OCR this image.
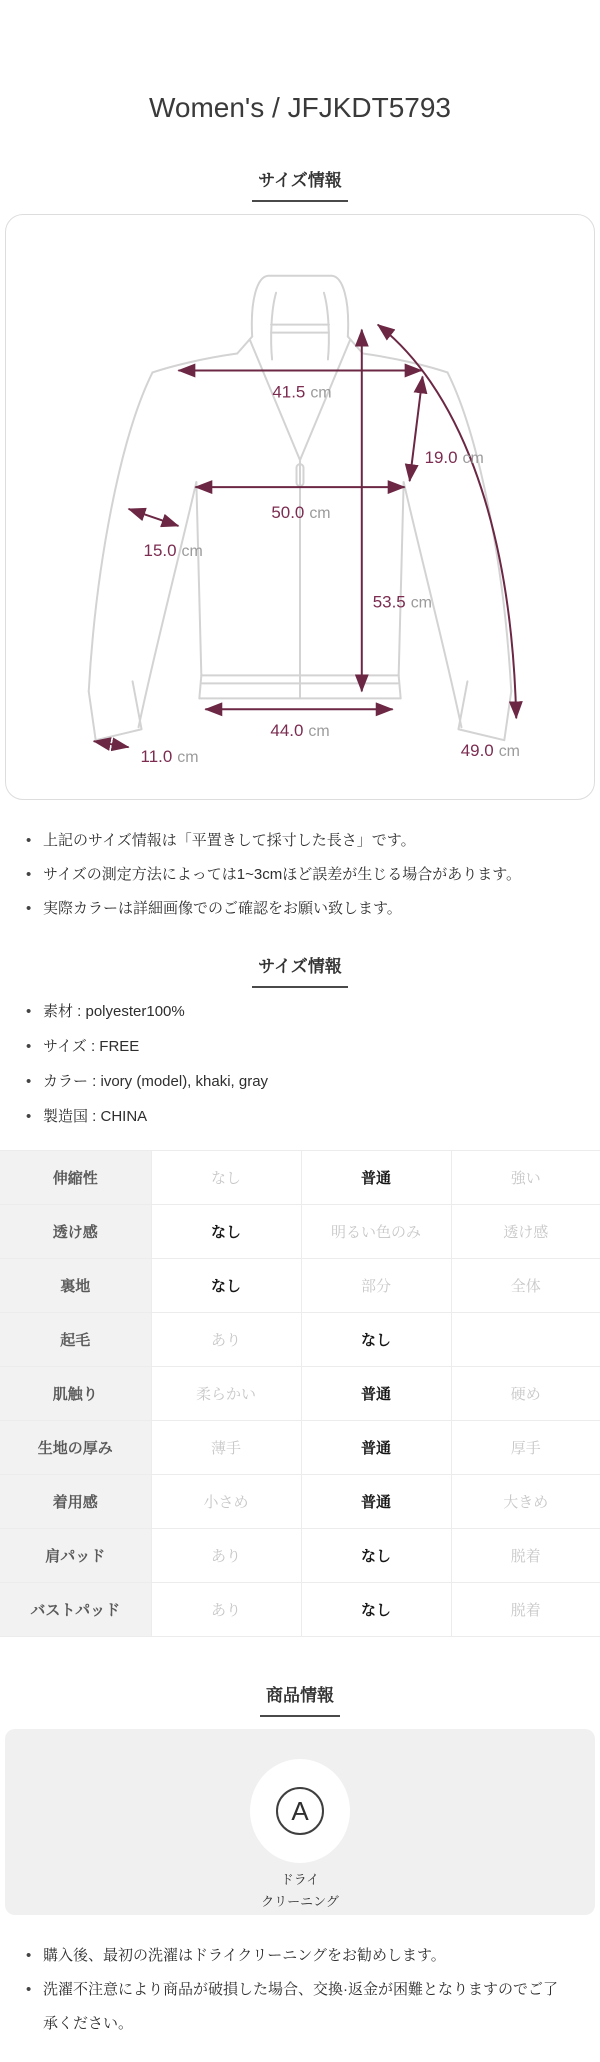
Women's / JFJKDT5793
サイズ情報
41.5 cm
19.0 cm
50.0 cm
15.0 cm
53.5 cm
44.0 cm
11.0 cm	49.0 cm
• 上記のサイズ情報は「平置きして採寸した長さ」です。
• サイズの測定方法によっては1~3cmほど誤差が生じる場合があります。
• 実際カラーは詳細画像でのご確認をお願い致します。
サイズ情報
• 素材 : polyester100%
• サイズ : FREE
• カラー : ivory (model), khaki, gray
• 製造国 : CHINA
伸縮性	なし	普通	強い
透け感	なし	明るい色のみ	透け感
裏地	なし	部分	全体
起毛	あり	なし	
肌触り	柔らかい	普通	硬め
生地の厚み	薄手	普通	厚手
着用感	小さめ	普通	大きめ
肩パッド	あり	なし	脱着
バストパッド	あり	なし	脱着
商品情報
A
ドライ
クリーニング
• 購入後、最初の洗濯はドライクリーニングをお勧めします。
• 洗濯不注意により商品が破損した場合、交換·返金が困難となりますのでご了承ください。
